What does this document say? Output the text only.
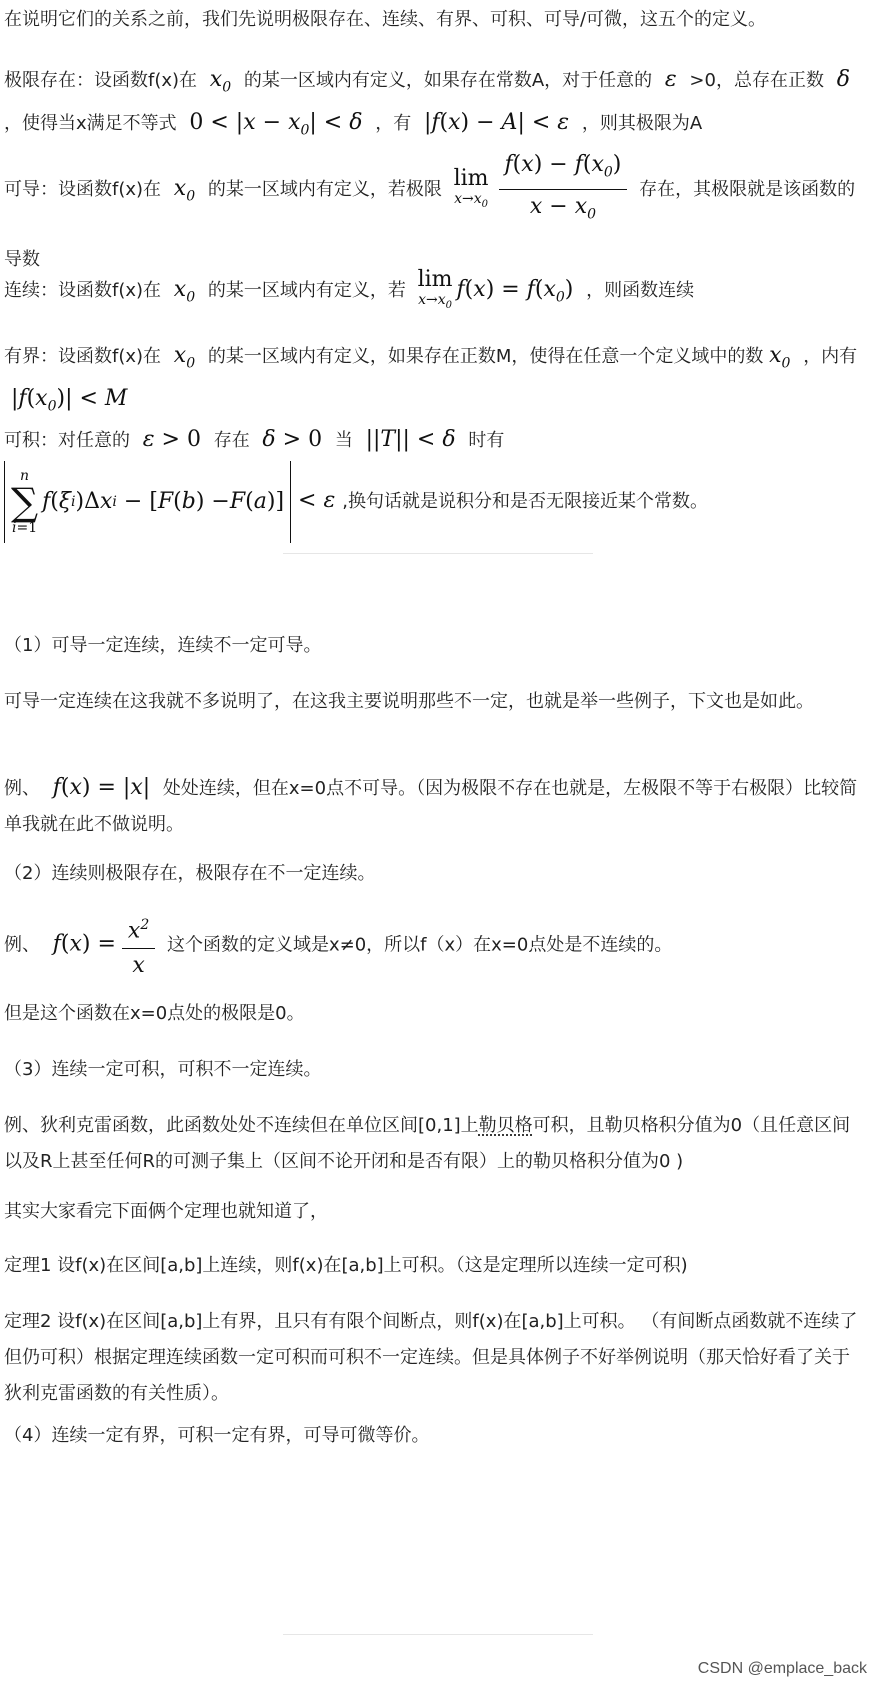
在说明它们的关系之前，我们先说明极限存在、连续、有界、可积、可导/可微，这五个的定义。
极限存在：设函数f(x)在  $x_0$ 的某一区域内有定义，如果存在常数A，对于任意的  ε  >0，总存在正数  δ  ，使得当x满足不等式 $0 < |x - x_0| < \delta$  ，有 |f(x) − A| < ε  ，则其极限为A
可导：设函数f(x)在  $x_0$ 的某一区域内有定义，若极限 lim
$x\to x_0 \frac{f(x) - f(x_0)}{x - x_0}$ 存在，其极限就是该函数的导数
连续：设函数f(x)在  $x_0$ 的某一区域内有定义，若 lim
$x\to x_0$
$f(x) = f(x_0)$ ，则函数连续
有界：设函数f(x)在  $x_0$ 的某一区域内有定义，如果存在正数M，使得在任意一个定义域中的数 $x_0$ ，内有  $|f(x_0)| < M$
可积：对任意的  ε > 0 存在  δ > 0 当 ||T|| < δ  时有
n
∑
i=1
f ( ξ i )Δ x i
− [ F ( b ) − F ( a )] < ε ,换句话就是说积分和是否无限接近某个常数。
（1）可导一定连续，连续不一定可导。
可导一定连续在这我就不多说明了，在这我主要说明那些不一定，也就是举一些例子，下文也是如此。
例、  f(x) = |x| 处处连续，但在x=0点不可导。（因为极限不存在也就是，左极限不等于右极限）比较简单我就在此不做说明。
（2）连续则极限存在，极限存在不一定连续。
例、  $f(x) = \frac{x^2}{x}$ 这个函数的定义域是x≠0，所以f（x）在x=0点处是不连续的。
但是这个函数在x=0点处的极限是0。
（3）连续一定可积，可积不一定连续。
例、狄利克雷函数，此函数处处不连续但在单位区间[0,1]上勒贝格可积，且勒贝格积分值为0（且任意区间以及R上甚至任何R的可测子集上（区间不论开闭和是否有限）上的勒贝格积分值为0 )
其实大家看完下面俩个定理也就知道了，
定理1 设f(x)在区间[a,b]上连续，则f(x)在[a,b]上可积。（这是定理所以连续一定可积)
定理2 设f(x)在区间[a,b]上有界，且只有有限个间断点，则f(x)在[a,b]上可积。 （有间断点函数就不连续了 但仍可积）根据定理连续函数一定可积而可积不一定连续。但是具体例子不好举例说明（那天恰好看了关于狄利克雷函数的有关性质）。
（4）连续一定有界，可积一定有界，可导可微等价。
CSDN @emplace_back
